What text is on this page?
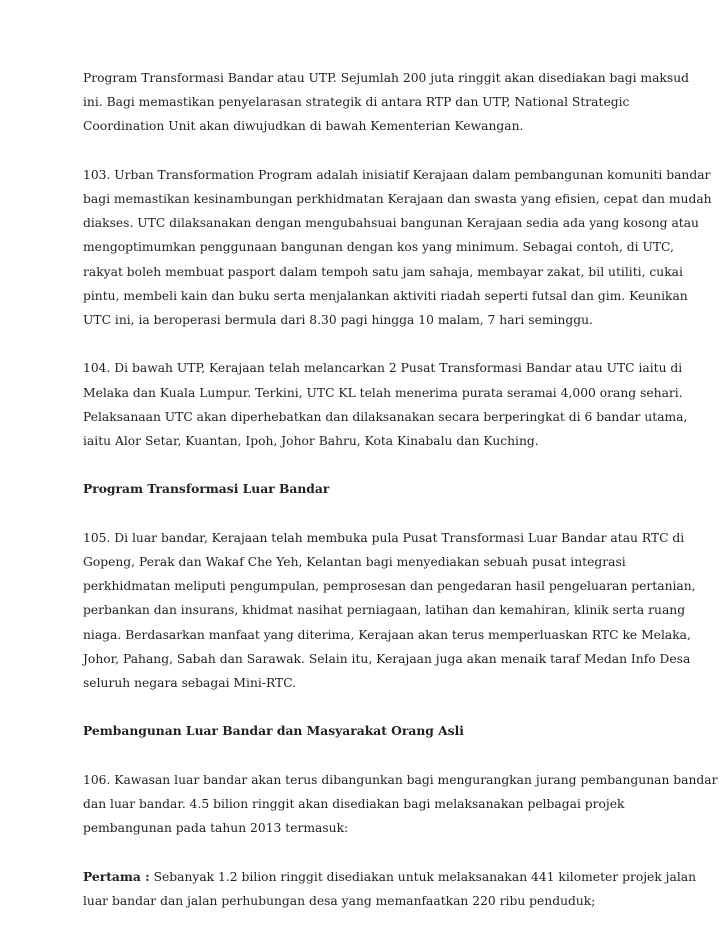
Program Transformasi Bandar atau UTP. Sejumlah 200 juta ringgit akan disediakan bagi maksud
ini. Bagi memastikan penyelarasan strategik di antara RTP dan UTP, National Strategic
Coordination Unit akan diwujudkan di bawah Kementerian Kewangan.
103. Urban Transformation Program adalah inisiatif Kerajaan dalam pembangunan komuniti bandar
bagi memastikan kesinambungan perkhidmatan Kerajaan dan swasta yang efisien, cepat dan mudah
diakses. UTC dilaksanakan dengan mengubahsuai bangunan Kerajaan sedia ada yang kosong atau
mengoptimumkan penggunaan bangunan dengan kos yang minimum. Sebagai contoh, di UTC,
rakyat boleh membuat pasport dalam tempoh satu jam sahaja, membayar zakat, bil utiliti, cukai
pintu, membeli kain dan buku serta menjalankan aktiviti riadah seperti futsal dan gim. Keunikan
UTC ini, ia beroperasi bermula dari 8.30 pagi hingga 10 malam, 7 hari seminggu.
104. Di bawah UTP, Kerajaan telah melancarkan 2 Pusat Transformasi Bandar atau UTC iaitu di
Melaka dan Kuala Lumpur. Terkini, UTC KL telah menerima purata seramai 4,000 orang sehari.
Pelaksanaan UTC akan diperhebatkan dan dilaksanakan secara berperingkat di 6 bandar utama,
iaitu Alor Setar, Kuantan, Ipoh, Johor Bahru, Kota Kinabalu dan Kuching.
Program Transformasi Luar Bandar
105. Di luar bandar, Kerajaan telah membuka pula Pusat Transformasi Luar Bandar atau RTC di
Gopeng, Perak dan Wakaf Che Yeh, Kelantan bagi menyediakan sebuah pusat integrasi
perkhidmatan meliputi pengumpulan, pemprosesan dan pengedaran hasil pengeluaran pertanian,
perbankan dan insurans, khidmat nasihat perniagaan, latihan dan kemahiran, klinik serta ruang
niaga. Berdasarkan manfaat yang diterima, Kerajaan akan terus memperluaskan RTC ke Melaka,
Johor, Pahang, Sabah dan Sarawak. Selain itu, Kerajaan juga akan menaik taraf Medan Info Desa
seluruh negara sebagai Mini-RTC.
Pembangunan Luar Bandar dan Masyarakat Orang Asli
106. Kawasan luar bandar akan terus dibangunkan bagi mengurangkan jurang pembangunan bandar
dan luar bandar. 4.5 bilion ringgit akan disediakan bagi melaksanakan pelbagai projek
pembangunan pada tahun 2013 termasuk:
Pertama : Sebanyak 1.2 bilion ringgit disediakan untuk melaksanakan 441 kilometer projek jalan
luar bandar dan jalan perhubungan desa yang memanfaatkan 220 ribu penduduk;
